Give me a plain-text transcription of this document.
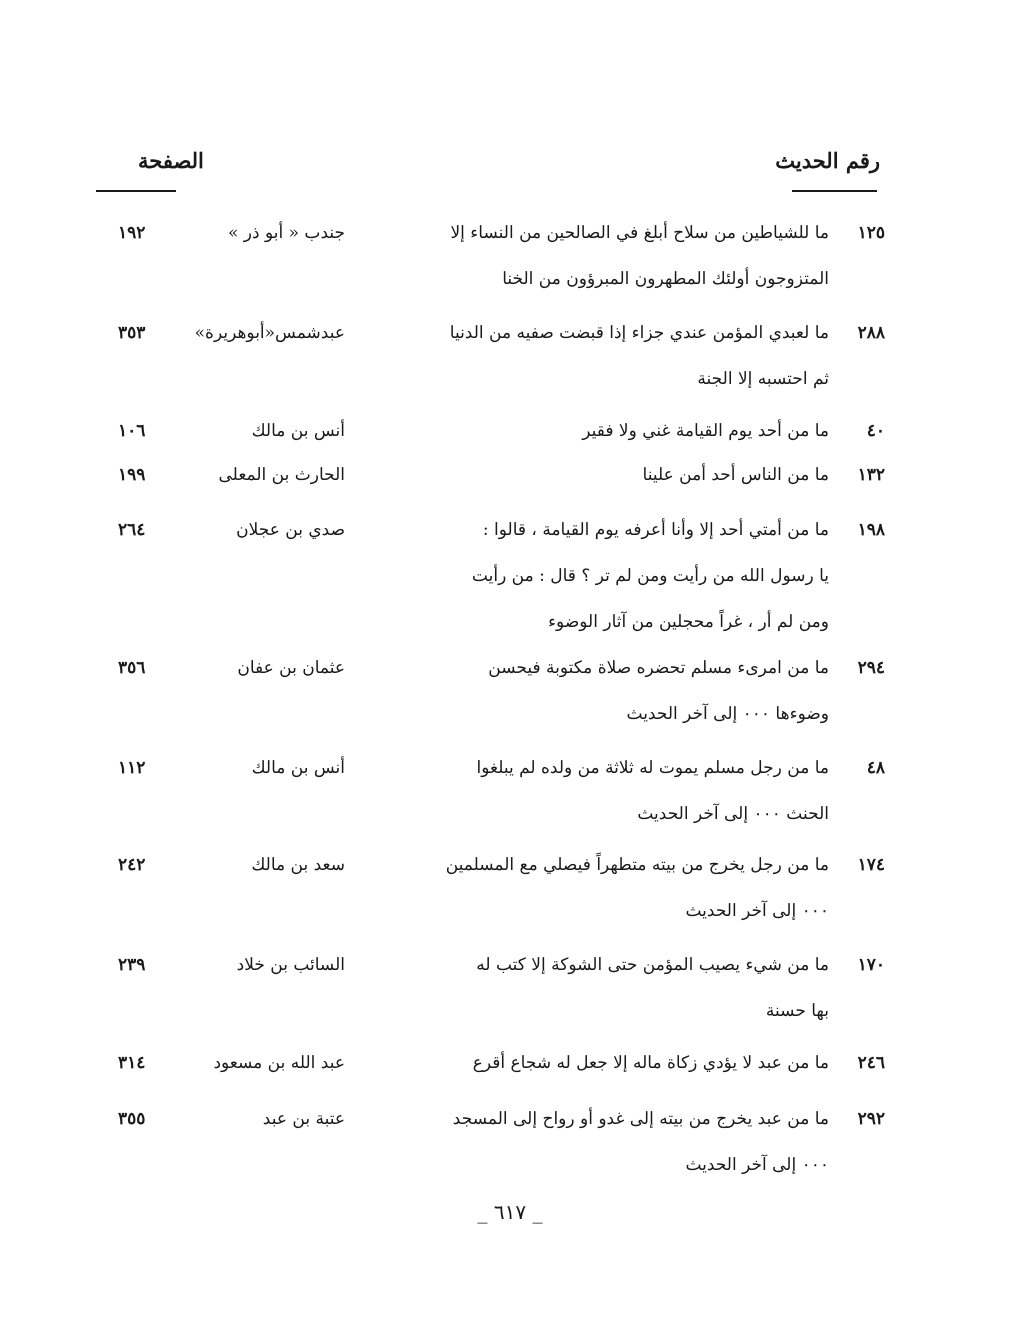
رقم الحديث
الصفحة
١٢٥
ما للشياطين من سلاح أبلغ في الصالحين من النساء إلا
جندب « أبو ذر »
١٩٢
المتزوجون أولئك المطهرون المبرؤون من الخنا
٢٨٨
ما لعبدي المؤمن عندي جزاء إذا قبضت صفيه من الدنيا
عبدشمس«أبوهريرة»
٣٥٣
ثم احتسبه إلا الجنة
٤٠
ما من أحد يوم القيامة غني ولا فقير
أنس بن مالك
١٠٦
١٣٢
ما من الناس أحد أمن علينا
الحارث بن المعلى
١٩٩
١٩٨
ما من أمتي أحد إلا وأنا أعرفه يوم القيامة ، قالوا :
صدي بن عجلان
٢٦٤
يا رسول الله من رأيت ومن لم تر ؟ قال : من رأيت
ومن لم أر ، غراً محجلين من آثار الوضوء
٢٩٤
ما من امرىء مسلم تحضره صلاة مكتوبة فيحسن
عثمان بن عفان
٣٥٦
وضوءها ٠٠٠ إلى آخر الحديث
٤٨
ما من رجل مسلم يموت له ثلاثة من ولده لم يبلغوا
أنس بن مالك
١١٢
الحنث ٠٠٠ إلى آخر الحديث
١٧٤
ما من رجل يخرج من بيته متطهراً فيصلي مع المسلمين
سعد بن مالك
٢٤٢
٠٠٠ إلى آخر الحديث
١٧٠
ما من شيء يصيب المؤمن حتى الشوكة إلا كتب له
السائب بن خلاد
٢٣٩
بها حسنة
٢٤٦
ما من عبد لا يؤدي زكاة ماله إلا جعل له شجاع أقرع
عبد الله بن مسعود
٣١٤
٢٩٢
ما من عبد يخرج من بيته إلى غدو أو رواح إلى المسجد
عتبة بن عبد
٣٥٥
٠٠٠ إلى آخر الحديث
_ ٦١٧ _
